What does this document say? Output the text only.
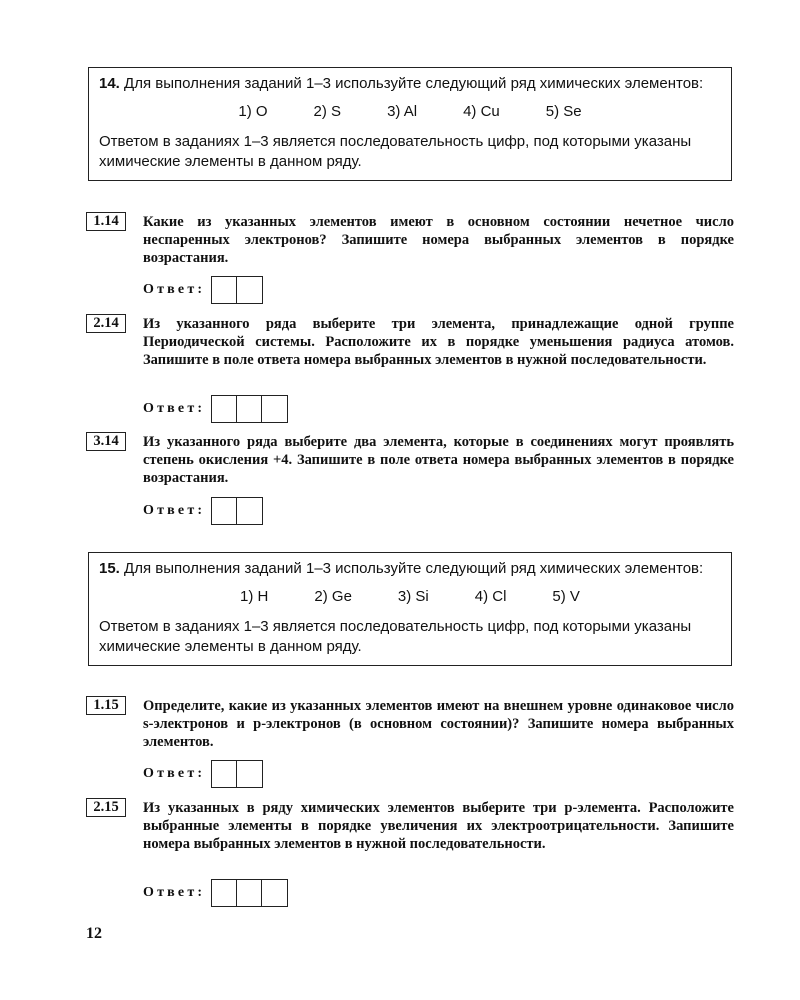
14. Для выполнения заданий 1–3 используйте следующий ряд химических элементов:
1) O	2) S	3) Al	4) Cu	5) Se
Ответом в заданиях 1–3 является последовательность цифр, под которыми указаны химические элементы в данном ряду.
1.14	Какие из указанных элементов имеют в основном состоянии нечетное число неспаренных электронов? Запишите номера выбранных элементов в порядке возрастания.
Ответ:
2.14	Из указанного ряда выберите три элемента, принадлежащие одной группе Периодической системы. Расположите их в порядке уменьшения радиуса атомов. Запишите в поле ответа номера выбранных элементов в нужной последовательности.
Ответ:
3.14	Из указанного ряда выберите два элемента, которые в соединениях могут проявлять степень окисления +4. Запишите в поле ответа номера выбранных элементов в порядке возрастания.
Ответ:
15. Для выполнения заданий 1–3 используйте следующий ряд химических элементов:
1) H	2) Ge	3) Si	4) Cl	5) V
Ответом в заданиях 1–3 является последовательность цифр, под которыми указаны химические элементы в данном ряду.
1.15	Определите, какие из указанных элементов имеют на внешнем уровне одинаковое число s-электронов и p-электронов (в основном состоянии)? Запишите номера выбранных элементов.
Ответ:
2.15	Из указанных в ряду химических элементов выберите три p-элемента. Расположите выбранные элементы в порядке увеличения их электроотрицательности. Запишите номера выбранных элементов в нужной последовательности.
Ответ:
12
